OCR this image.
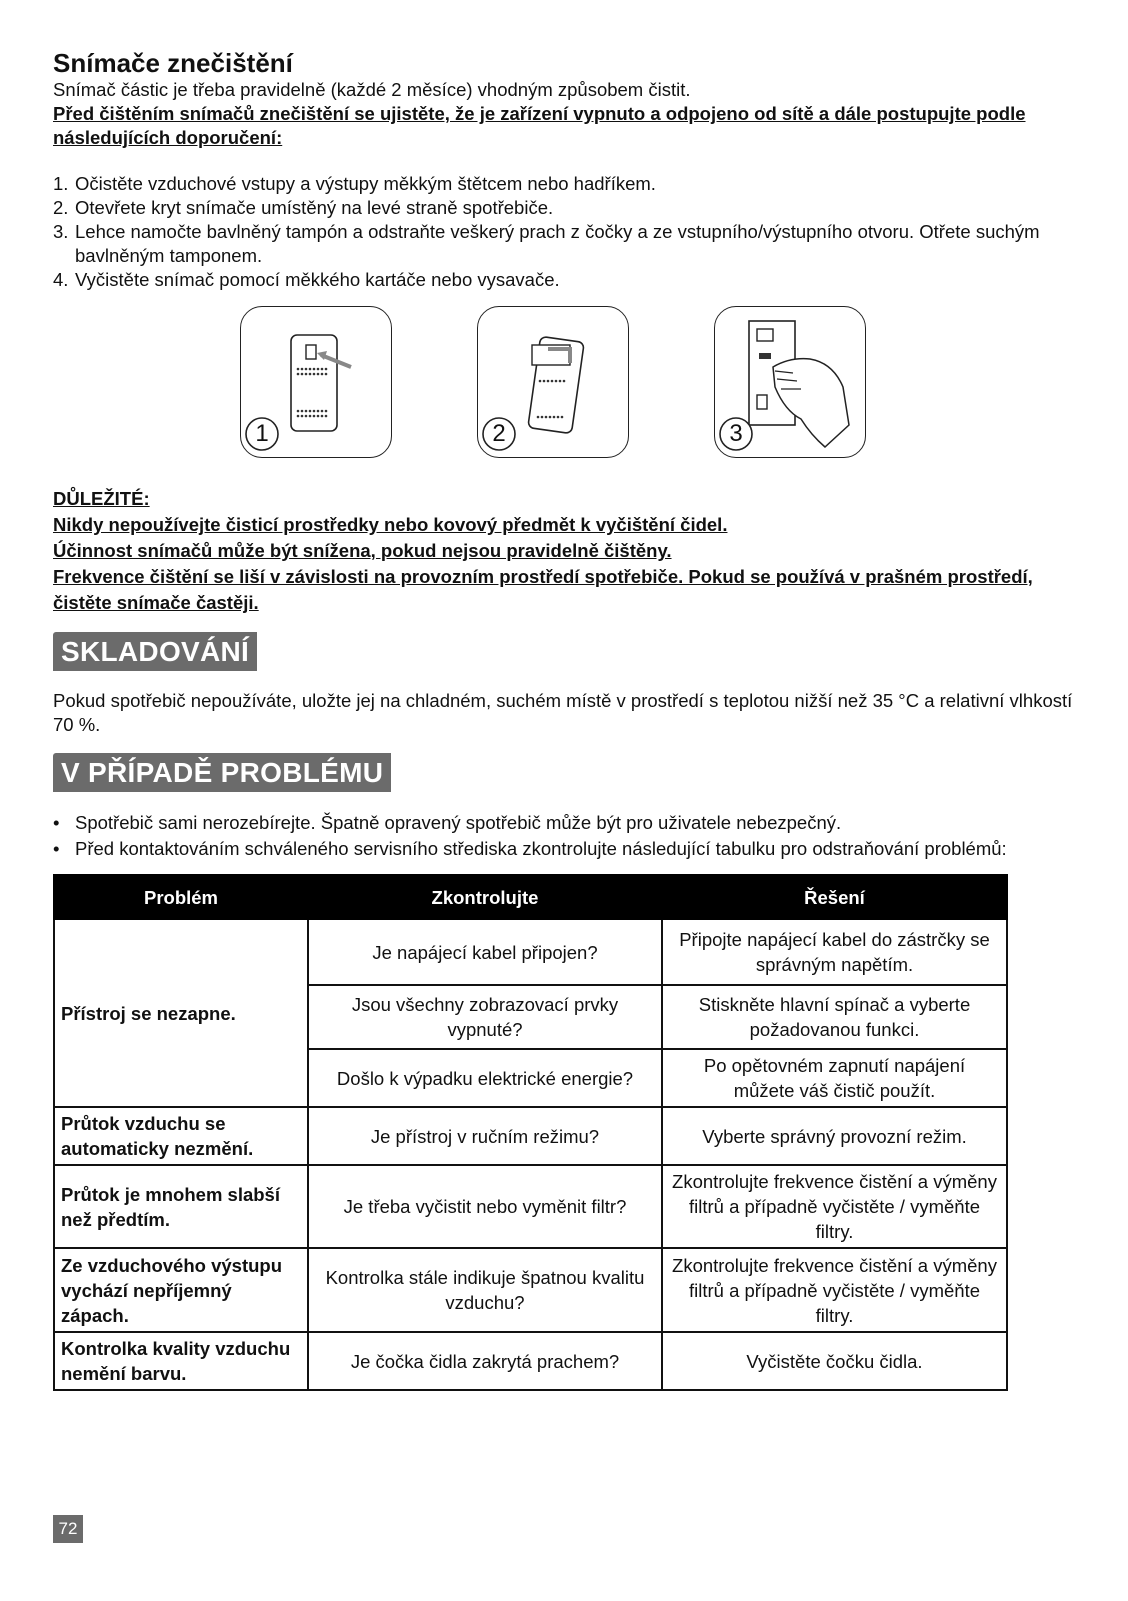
Snímače znečištění

Snímač částic je třeba pravidelně (každé 2 měsíce) vhodným způsobem čistit.

Před čištěním snímačů znečištění se ujistěte, že je zařízení vypnuto a odpojeno od sítě a dále postupujte podle následujících doporučení:

1. Očistěte vzduchové vstupy a výstupy měkkým štětcem nebo hadříkem.
2. Otevřete kryt snímače umístěný na levé straně spotřebiče.
3. Lehce namočte bavlněný tampón a odstraňte veškerý prach z čočky a ze vstupního/výstupního otvoru. Otřete suchým bavlněným tamponem.
4. Vyčistěte snímač pomocí měkkého kartáče nebo vysavače.
1	2	3

DŮLEŽITÉ:

Nikdy nepoužívejte čisticí prostředky nebo kovový předmět k vyčištění čidel.

Účinnost snímačů může být snížena, pokud nejsou pravidelně čištěny.

Frekvence čištění se liší v závislosti na provozním prostředí spotřebiče. Pokud se používá v prašném prostředí, čistěte snímače častěji.

SKLADOVÁNÍ

Pokud spotřebič nepoužíváte, uložte jej na chladném, suchém místě v prostředí s teplotou nižší než 35 °C a relativní vlhkostí 70 %.

V PŘÍPADĚ PROBLÉMU
• Spotřebič sami nerozebírejte. Špatně opravený spotřebič může být pro uživatele nebezpečný.
• Před kontaktováním schváleného servisního střediska zkontrolujte následující tabulku pro odstraňování problémů:
Problém	Zkontrolujte	Řešení
Přístroj se nezapne.	Je napájecí kabel připojen?	Připojte napájecí kabel do zástrčky se správným napětím.
	Jsou všechny zobrazovací prvky vypnuté?	Stiskněte hlavní spínač a vyberte požadovanou funkci.
	Došlo k výpadku elektrické energie?	Po opětovném zapnutí napájení můžete váš čistič použít.
Průtok vzduchu se automaticky nezmění.	Je přístroj v ručním režimu?	Vyberte správný provozní režim.
Průtok je mnohem slabší než předtím.	Je třeba vyčistit nebo vyměnit filtr?	Zkontrolujte frekvence čistění a výměny filtrů a případně vyčistěte / vyměňte filtry.
Ze vzduchového výstupu vychází nepříjemný zápach.	Kontrolka stále indikuje špatnou kvalitu vzduchu?	Zkontrolujte frekvence čistění a výměny filtrů a případně vyčistěte / vyměňte filtry.
Kontrolka kvality vzduchu nemění barvu.	Je čočka čidla zakrytá prachem?	Vyčistěte čočku čidla.
72
